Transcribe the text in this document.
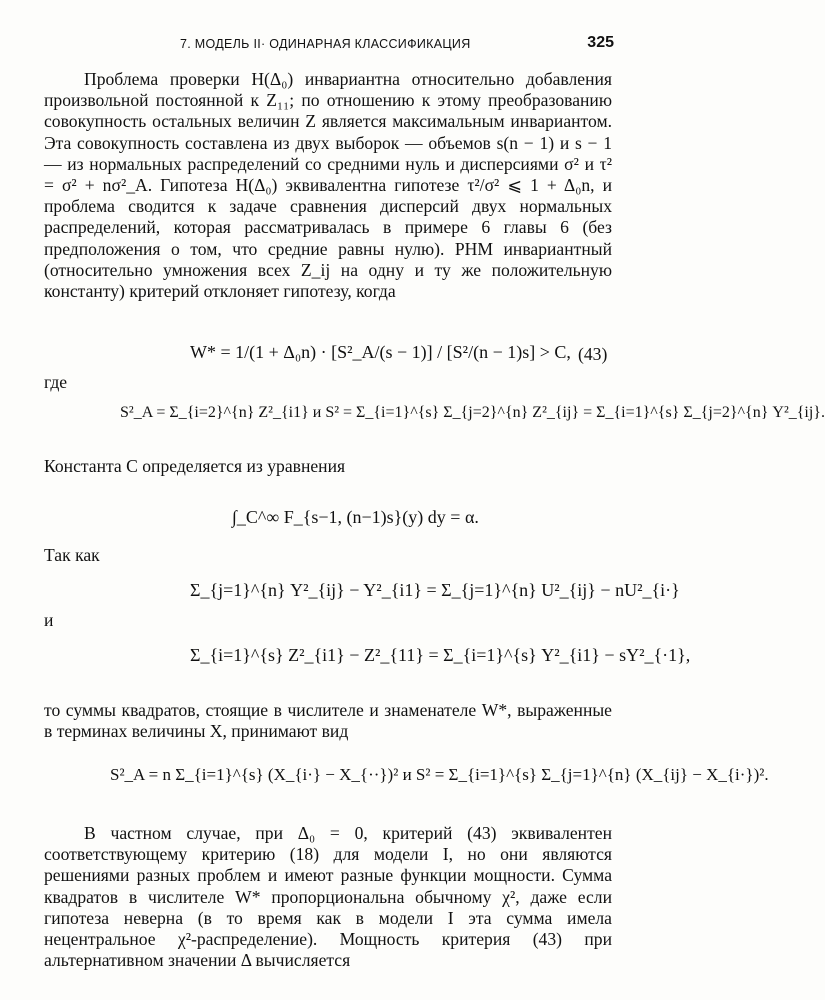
7. МОДЕЛЬ II· ОДИНАРНАЯ КЛАССИФИКАЦИЯ	325

Проблема проверки H(Δ₀) инвариантна относительно добавления произвольной постоянной к Z₁₁; по отношению к этому преобразованию совокупность остальных величин Z является максимальным инвариантом. Эта совокупность составлена из двух выборок — объемов s(n − 1) и s − 1 — из нормальных распределений со средними нуль и дисперсиями σ² и τ² = σ² + nσ²_A. Гипотеза H(Δ₀) эквивалентна гипотезе τ²/σ² ⩽ 1 + Δ₀n, и проблема сводится к задаче сравнения дисперсий двух нормальных распределений, которая рассматривалась в примере 6 главы 6 (без предположения о том, что средние равны нулю). РНМ инвариантный (относительно умножения всех Z_ij на одну и ту же положительную константу) критерий отклоняет гипотезу, когда

W* = 1/(1 + Δ₀n) · [S²_A/(s − 1)] / [S²/(n − 1)s] > C, (43)
где
S²_A = Σ_{i=2}^{n} Z²_{i1} и S² = Σ_{i=1}^{s} Σ_{j=2}^{n} Z²_{ij} = Σ_{i=1}^{s} Σ_{j=2}^{n} Y²_{ij}.
Константа C определяется из уравнения
∫_C^∞ F_{s−1, (n−1)s}(y) dy = α.
Так как
Σ_{j=1}^{n} Y²_{ij} − Y²_{i1} = Σ_{j=1}^{n} U²_{ij} − nU²_{i·}
и
Σ_{i=1}^{s} Z²_{i1} − Z²_{11} = Σ_{i=1}^{s} Y²_{i1} − sY²_{·1},

то суммы квадратов, стоящие в числителе и знаменателе W*, выраженные в терминах величины X, принимают вид

S²_A = n Σ_{i=1}^{s} (X_{i·} − X_{··})² и S² = Σ_{i=1}^{s} Σ_{j=1}^{n} (X_{ij} − X_{i·})².

В частном случае, при Δ₀ = 0, критерий (43) эквивалентен соответствующему критерию (18) для модели I, но они являются решениями разных проблем и имеют разные функции мощности. Сумма квадратов в числителе W* пропорциональна обычному χ², даже если гипотеза неверна (в то время как в модели I эта сумма имела нецентральное χ²-распределение). Мощность критерия (43) при альтернативном значении Δ вычисляется
